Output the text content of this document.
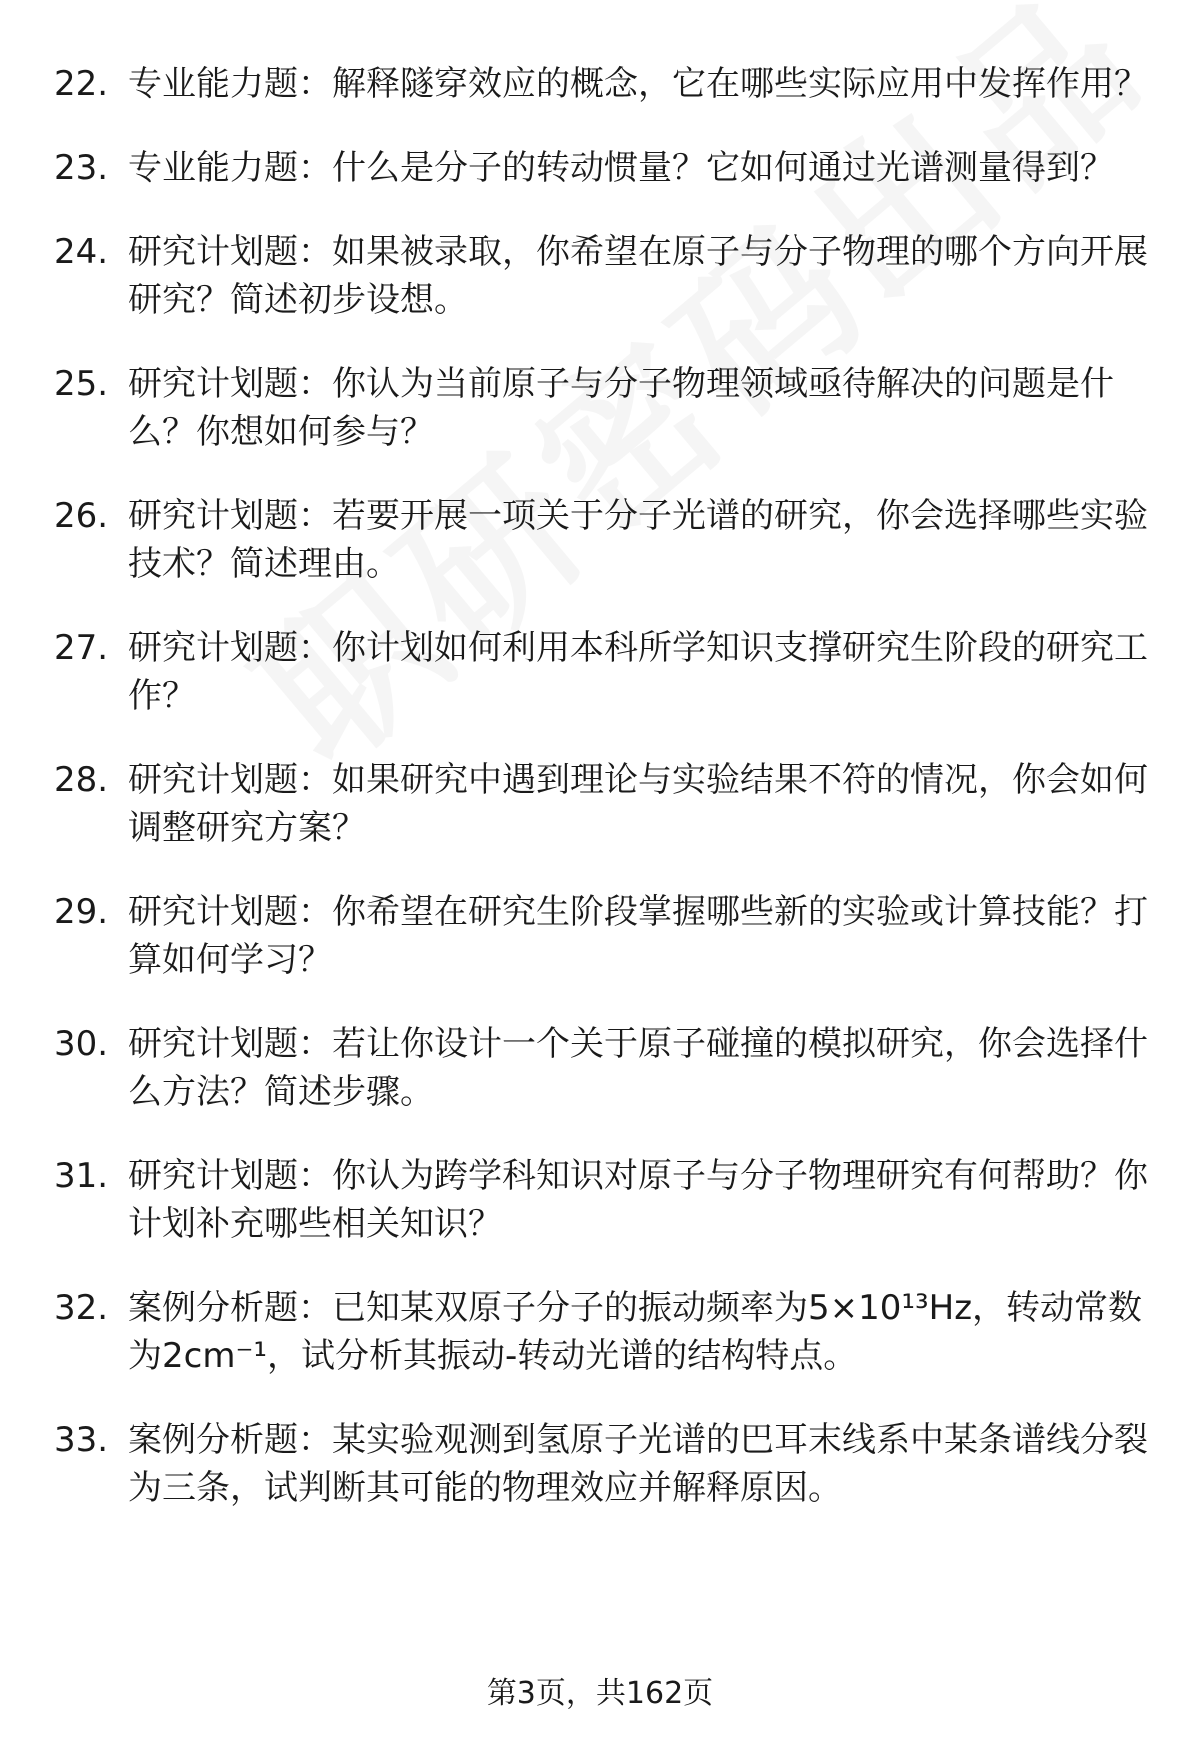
22. 专业能力题：解释隧穿效应的概念，它在哪些实际应用中发挥作用？
23. 专业能力题：什么是分子的转动惯量？它如何通过光谱测量得到？
24. 研究计划题：如果被录取，你希望在原子与分子物理的哪个方向开展研究？简述初步设想。
25. 研究计划题：你认为当前原子与分子物理领域亟待解决的问题是什么？你想如何参与？
26. 研究计划题：若要开展一项关于分子光谱的研究，你会选择哪些实验技术？简述理由。
27. 研究计划题：你计划如何利用本科所学知识支撑研究生阶段的研究工作？
28. 研究计划题：如果研究中遇到理论与实验结果不符的情况，你会如何调整研究方案？
29. 研究计划题：你希望在研究生阶段掌握哪些新的实验或计算技能？打算如何学习？
30. 研究计划题：若让你设计一个关于原子碰撞的模拟研究，你会选择什么方法？简述步骤。
31. 研究计划题：你认为跨学科知识对原子与分子物理研究有何帮助？你计划补充哪些相关知识？
32. 案例分析题：已知某双原子分子的振动频率为5×10¹³Hz，转动常数为2cm⁻¹，试分析其振动-转动光谱的结构特点。
33. 案例分析题：某实验观测到氢原子光谱的巴耳末线系中某条谱线分裂为三条，试判断其可能的物理效应并解释原因。
第3页，共162页
